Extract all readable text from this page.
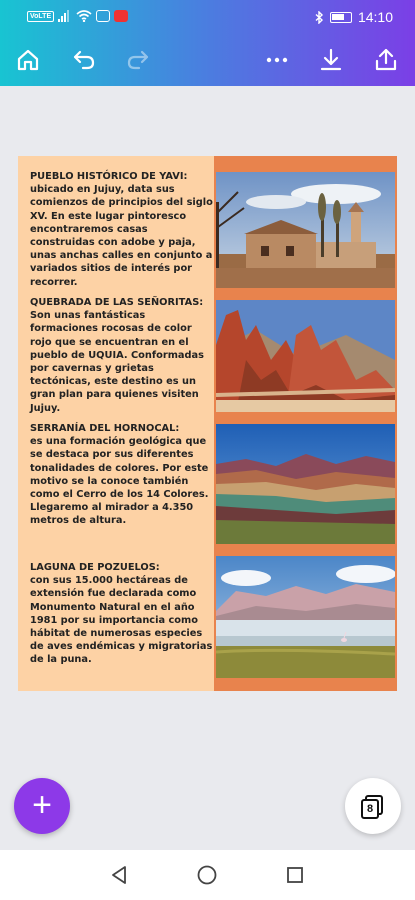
VoLTE	14:10
PUEBLO HISTÓRICO DE YAVI:
ubicado en Jujuy, data sus comienzos de principios del siglo XV. En este lugar pintoresco encontraremos casas construidas con adobe y paja, unas anchas calles en conjunto a variados sitios de interés por recorrer.
QUEBRADA DE LAS SEÑORITAS:
Son unas fantásticas formaciones rocosas de color rojo que se encuentran en el pueblo de UQUIA. Conformadas por cavernas y grietas tectónicas, este destino es un gran plan para quienes visiten Jujuy.
SERRANÍA DEL HORNOCAL:
es una formación geológica que se destaca por sus diferentes tonalidades de colores. Por este motivo se la conoce también como el Cerro de los 14 Colores. Llegaremo al mirador a 4.350 metros de altura.
LAGUNA DE POZUELOS:
con sus 15.000 hectáreas de extensión fue declarada como Monumento Natural en el año 1981 por su importancia como hábitat de numerosas especies de aves endémicas y migratorias de la puna.
+	8
